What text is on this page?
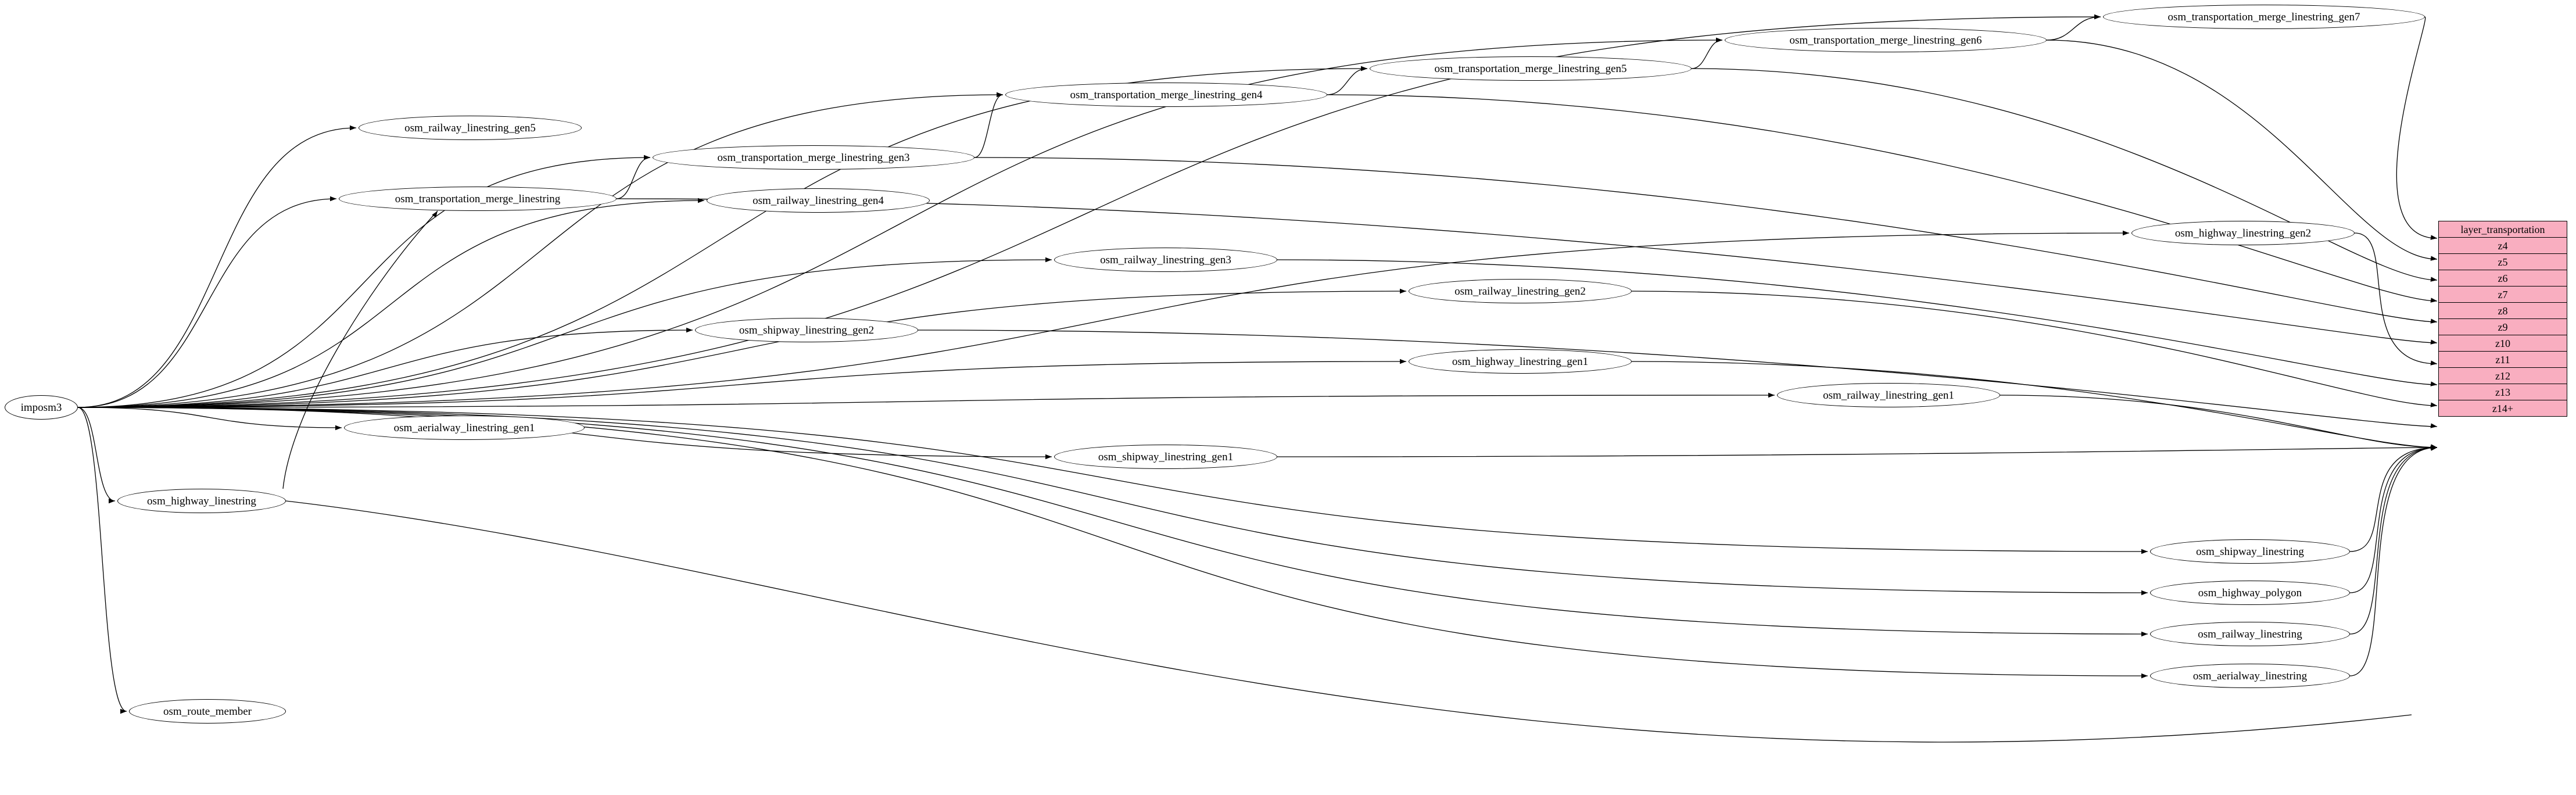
imposm3
osm_transportation_merge_linestring_gen7
osm_transportation_merge_linestring_gen6
osm_transportation_merge_linestring_gen5
osm_transportation_merge_linestring_gen4
osm_railway_linestring_gen5
osm_transportation_merge_linestring_gen3
osm_transportation_merge_linestring	osm_railway_linestring_gen4
osm_highway_linestring_gen2
osm_railway_linestring_gen3
osm_railway_linestring_gen2
osm_shipway_linestring_gen2
osm_highway_linestring_gen1
osm_railway_linestring_gen1
osm_aerialway_linestring_gen1
osm_shipway_linestring_gen1
osm_highway_linestring
osm_shipway_linestring
osm_highway_polygon
osm_railway_linestring
osm_aerialway_linestring
osm_route_member
layer_transportation
z4
z5
z6
z7
z8
z9
z10
z11
z12
z13
z14+
